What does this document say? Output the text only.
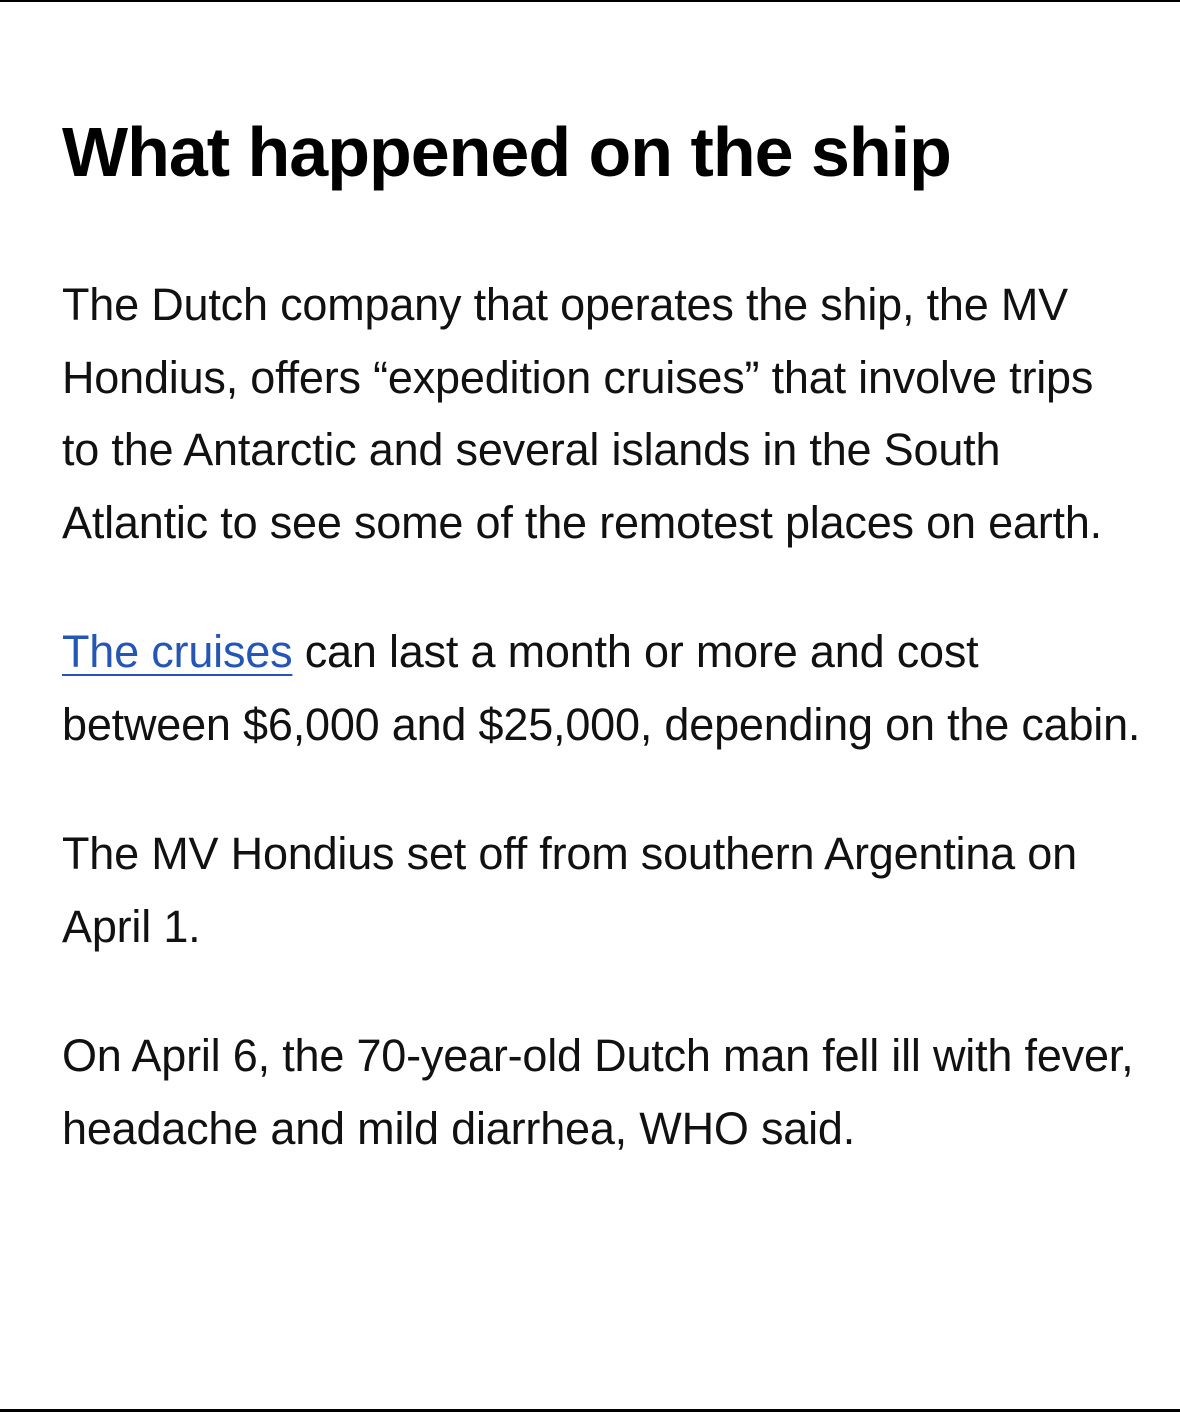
What happened on the ship

The Dutch company that operates the ship, the MV Hondius, offers “expedition cruises” that involve trips to the Antarctic and several islands in the South Atlantic to see some of the remotest places on earth.

The cruises can last a month or more and cost between $6,000 and $25,000, depending on the cabin.

The MV Hondius set off from southern Argentina on April 1.

On April 6, the 70-year-old Dutch man fell ill with fever, headache and mild diarrhea, WHO said.
